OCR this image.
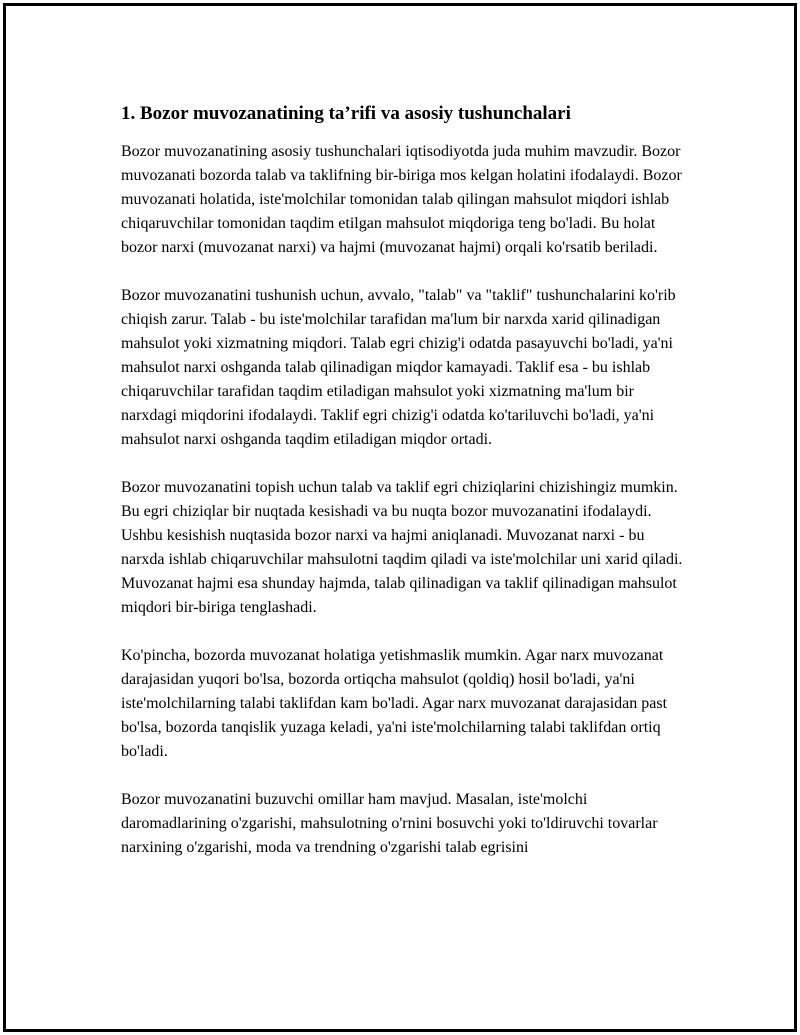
1. Bozor muvozanatining ta’rifi va asosiy tushunchalari

Bozor muvozanatining asosiy tushunchalari iqtisodiyotda juda muhim mavzudir. Bozor muvozanati bozorda talab va taklifning bir-biriga mos kelgan holatini ifodalaydi. Bozor muvozanati holatida, iste'molchilar tomonidan talab qilingan mahsulot miqdori ishlab chiqaruvchilar tomonidan taqdim etilgan mahsulot miqdoriga teng bo'ladi. Bu holat bozor narxi (muvozanat narxi) va hajmi (muvozanat hajmi) orqali ko'rsatib beriladi.

Bozor muvozanatini tushunish uchun, avvalo, "talab" va "taklif" tushunchalarini ko'rib chiqish zarur. Talab - bu iste'molchilar tarafidan ma'lum bir narxda xarid qilinadigan mahsulot yoki xizmatning miqdori. Talab egri chizig'i odatda pasayuvchi bo'ladi, ya'ni mahsulot narxi oshganda talab qilinadigan miqdor kamayadi. Taklif esa - bu ishlab chiqaruvchilar tarafidan taqdim etiladigan mahsulot yoki xizmatning ma'lum bir narxdagi miqdorini ifodalaydi. Taklif egri chizig'i odatda ko'tariluvchi bo'ladi, ya'ni mahsulot narxi oshganda taqdim etiladigan miqdor ortadi.

Bozor muvozanatini topish uchun talab va taklif egri chiziqlarini chizishingiz mumkin. Bu egri chiziqlar bir nuqtada kesishadi va bu nuqta bozor muvozanatini ifodalaydi. Ushbu kesishish nuqtasida bozor narxi va hajmi aniqlanadi. Muvozanat narxi - bu narxda ishlab chiqaruvchilar mahsulotni taqdim qiladi va iste'molchilar uni xarid qiladi. Muvozanat hajmi esa shunday hajmda, talab qilinadigan va taklif qilinadigan mahsulot miqdori bir-biriga tenglashadi.

Ko'pincha, bozorda muvozanat holatiga yetishmaslik mumkin. Agar narx muvozanat darajasidan yuqori bo'lsa, bozorda ortiqcha mahsulot (qoldiq) hosil bo'ladi, ya'ni iste'molchilarning talabi taklifdan kam bo'ladi. Agar narx muvozanat darajasidan past bo'lsa, bozorda tanqislik yuzaga keladi, ya'ni iste'molchilarning talabi taklifdan ortiq bo'ladi.

Bozor muvozanatini buzuvchi omillar ham mavjud. Masalan, iste'molchi daromadlarining o'zgarishi, mahsulotning o'rnini bosuvchi yoki to'ldiruvchi tovarlar narxining o'zgarishi, moda va trendning o'zgarishi talab egrisini
